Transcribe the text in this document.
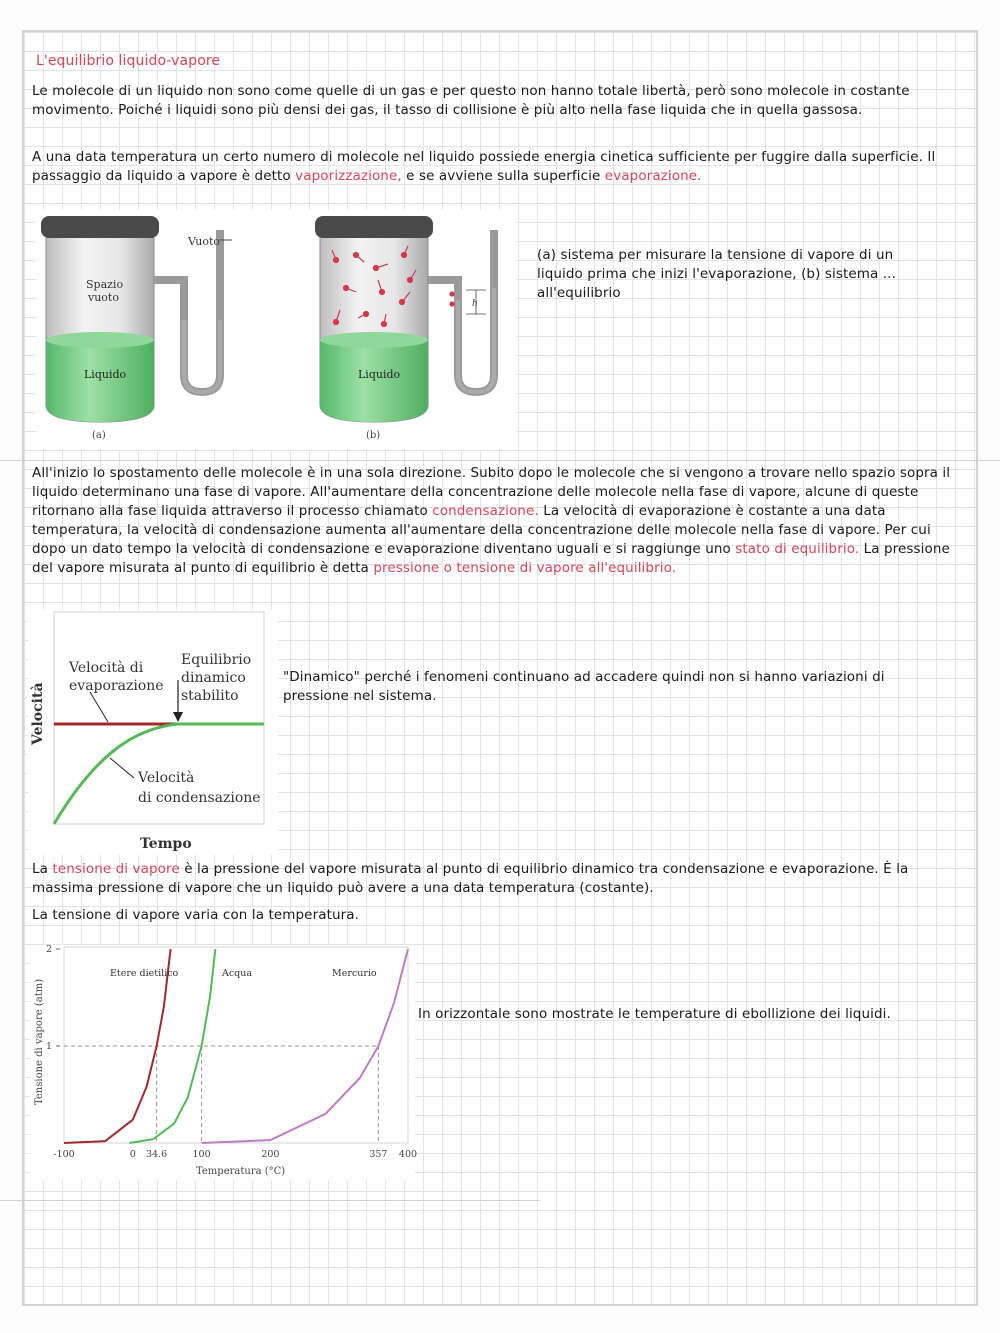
L'equilibrio liquido-vapore
Le molecole di un liquido non sono come quelle di un gas e per questo non hanno totale libertà, però sono molecole in costante movimento. Poiché i liquidi sono più densi dei gas, il tasso di collisione è più alto nella fase liquida che in quella gassosa.
A una data temperatura un certo numero di molecole nel liquido possiede energia cinetica sufficiente per fuggire dalla superficie. Il passaggio da liquido a vapore è detto vaporizzazione, e se avviene sulla superficie evaporazione.
Vuoto
Spazio
vuoto
Liquido
(a)
h
Liquido
(b)
(a) sistema per misurare la tensione di vapore di un liquido prima che inizi l'evaporazione, (b) sistema ... all'equilibrio
All'inizio lo spostamento delle molecole è in una sola direzione. Subito dopo le molecole che si vengono a trovare nello spazio sopra il liquido determinano una fase di vapore. All'aumentare della concentrazione delle molecole nella fase di vapore, alcune di queste ritornano alla fase liquida attraverso il processo chiamato condensazione. La velocità di evaporazione è costante a una data temperatura, la velocità di condensazione aumenta all'aumentare della concentrazione delle molecole nella fase di vapore. Per cui dopo un dato tempo la velocità di condensazione e evaporazione diventano uguali e si raggiunge uno stato di equilibrio. La pressione del vapore misurata al punto di equilibrio è detta pressione o tensione di vapore all'equilibrio.
Velocità di
evaporazione
Equilibrio
dinamico
stabilito
Velocità
di condensazione
Velocità
Tempo
"Dinamico" perché i fenomeni continuano ad accadere quindi non si hanno variazioni di pressione nel sistema.
La tensione di vapore è la pressione del vapore misurata al punto di equilibrio dinamico tra condensazione e evaporazione. È la massima pressione di vapore che un liquido può avere a una data temperatura (costante).
La tensione di vapore varia con la temperatura.
-100	0 34.6	100	200	357 400
1
2
Etere dietilico	Acqua	Mercurio
Temperatura (°C)
Tensione di vapore (atm)	In orizzontale sono mostrate le temperature di ebollizione dei liquidi.
